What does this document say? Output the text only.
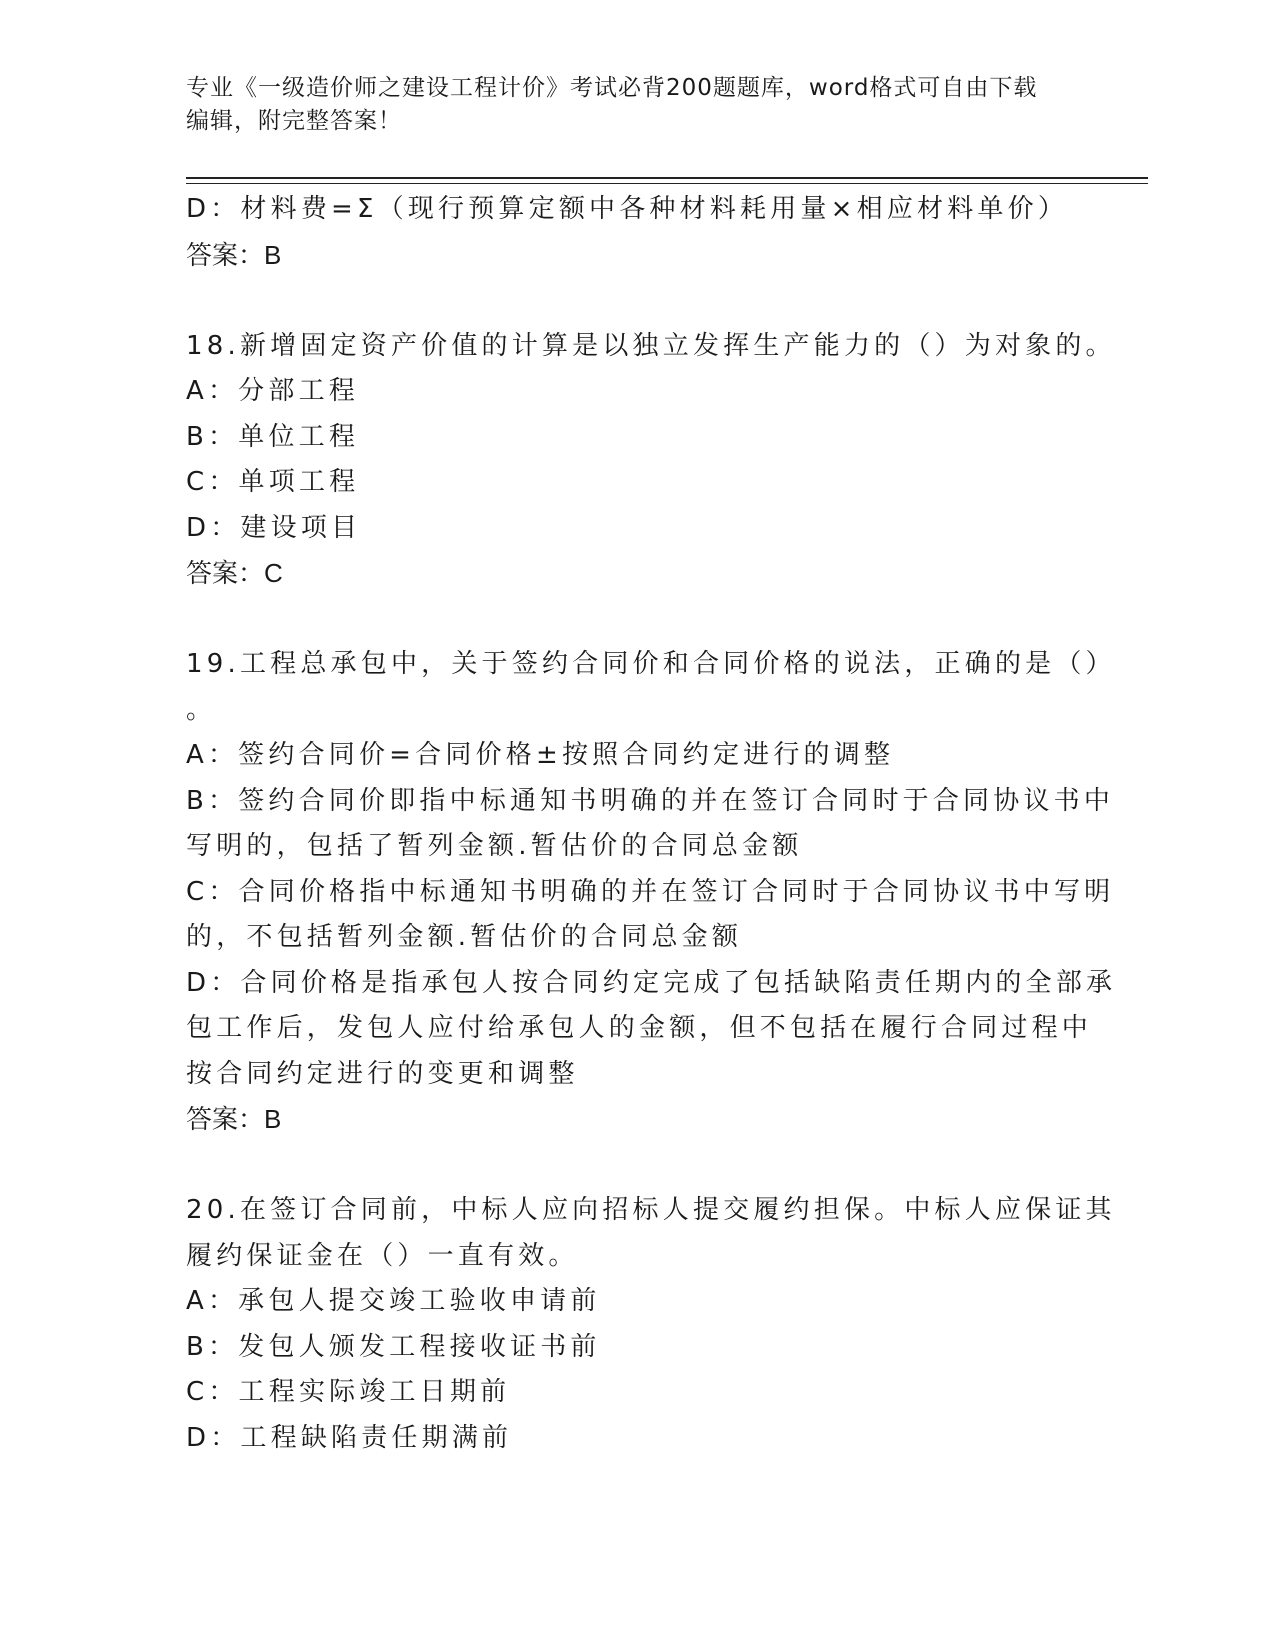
专业《一级造价师之建设工程计价》考试必背200题题库，word格式可自由下载
编辑，附完整答案！
D：材料费=Σ（现行预算定额中各种材料耗用量×相应材料单价）
答案：B
18.新增固定资产价值的计算是以独立发挥生产能力的（）为对象的。
A：分部工程
B：单位工程
C：单项工程
D：建设项目
答案：C
19.工程总承包中，关于签约合同价和合同价格的说法，正确的是（）
。
A：签约合同价=合同价格±按照合同约定进行的调整
B：签约合同价即指中标通知书明确的并在签订合同时于合同协议书中
写明的，包括了暂列金额.暂估价的合同总金额
C：合同价格指中标通知书明确的并在签订合同时于合同协议书中写明
的，不包括暂列金额.暂估价的合同总金额
D：合同价格是指承包人按合同约定完成了包括缺陷责任期内的全部承
包工作后，发包人应付给承包人的金额，但不包括在履行合同过程中
按合同约定进行的变更和调整
答案：B
20.在签订合同前，中标人应向招标人提交履约担保。中标人应保证其
履约保证金在（）一直有效。
A：承包人提交竣工验收申请前
B：发包人颁发工程接收证书前
C：工程实际竣工日期前
D：工程缺陷责任期满前
